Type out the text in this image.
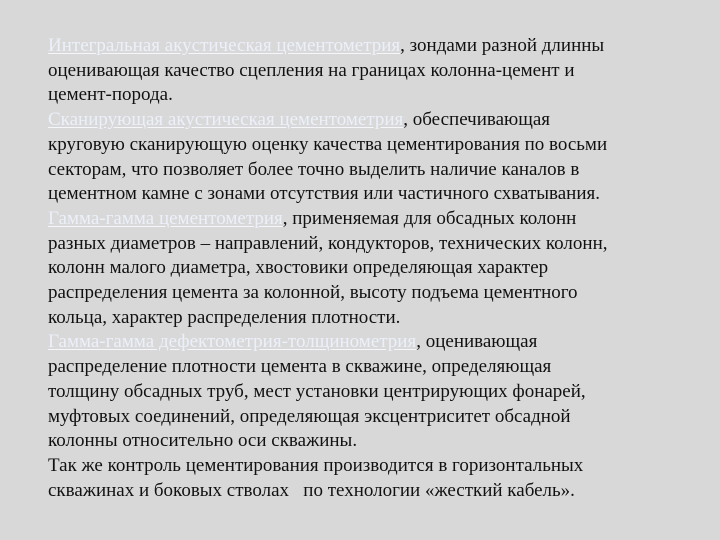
Интегральная акустическая цементометрия, зондами разной длинны
оценивающая качество сцепления на границах колонна-цемент и
цемент-порода.

Сканирующая акустическая цементометрия, обеспечивающая
круговую сканирующую оценку качества цементирования по восьми
секторам, что позволяет более точно выделить наличие каналов в
цементном камне с зонами отсутствия или частичного схватывания.

Гамма-гамма цементометрия, применяемая для обсадных колонн
разных диаметров – направлений, кондукторов, технических колонн,
колонн малого диаметра, хвостовики определяющая характер
распределения цемента за колонной, высоту подъема цементного
кольца, характер распределения плотности.

Гамма-гамма дефектометрия-толщинометрия, оценивающая
распределение плотности цемента в скважине, определяющая
толщину обсадных труб, мест установки центрирующих фонарей,
муфтовых соединений, определяющая эксцентриситет обсадной
колонны относительно оси скважины.

Так же контроль цементирования производится в горизонтальных
скважинах и боковых стволах   по технологии «жесткий кабель».
